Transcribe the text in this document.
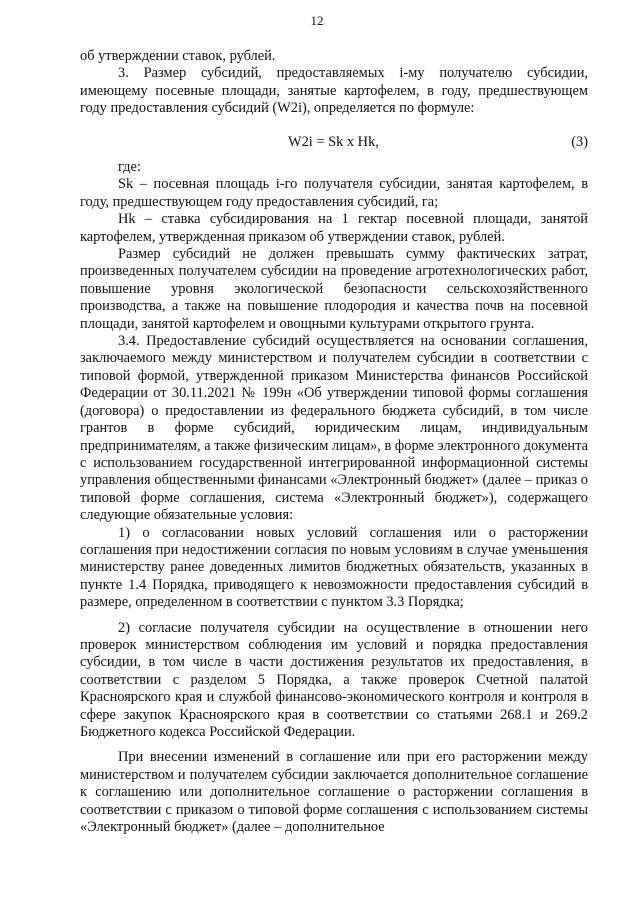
12

об утверждении ставок, рублей.

3. Размер субсидий, предоставляемых i-му получателю субсидии, имеющему посевные площади, занятые картофелем, в году, предшествующем году предоставления субсидий (W2i), определяется по формуле:

W2i = Sk x Hk,	(3)

где:

Sk – посевная площадь i-го получателя субсидии, занятая картофелем, в году, предшествующем году предоставления субсидий, га;

Hk – ставка субсидирования на 1 гектар посевной площади, занятой картофелем, утвержденная приказом об утверждении ставок, рублей.

Размер субсидий не должен превышать сумму фактических затрат, произведенных получателем субсидии на проведение агротехнологических работ, повышение уровня экологической безопасности сельскохозяйственного производства, а также на повышение плодородия и качества почв на посевной площади, занятой картофелем и овощными культурами открытого грунта.

3.4. Предоставление субсидий осуществляется на основании соглашения, заключаемого между министерством и получателем субсидии в соответствии с типовой формой, утвержденной приказом Министерства финансов Российской Федерации от 30.11.2021 № 199н «Об утверждении типовой формы соглашения (договора) о предоставлении из федерального бюджета субсидий, в том числе грантов в форме субсидий, юридическим лицам, индивидуальным предпринимателям, а также физическим лицам», в форме электронного документа с использованием государственной интегрированной информационной системы управления общественными финансами «Электронный бюджет» (далее – приказ о типовой форме соглашения, система «Электронный бюджет»), содержащего следующие обязательные условия:

1) о согласовании новых условий соглашения или о расторжении соглашения при недостижении согласия по новым условиям в случае уменьшения министерству ранее доведенных лимитов бюджетных обязательств, указанных в пункте 1.4 Порядка, приводящего к невозможности предоставления субсидий в размере, определенном в соответствии с пунктом 3.3 Порядка;

2) согласие получателя субсидии на осуществление в отношении него проверок министерством соблюдения им условий и порядка предоставления субсидии, в том числе в части достижения результатов их предоставления, в соответствии с разделом 5 Порядка, а также проверок Счетной палатой Красноярского края и службой финансово-экономического контроля и контроля в сфере закупок Красноярского края в соответствии со статьями 268.1 и 269.2 Бюджетного кодекса Российской Федерации.

При внесении изменений в соглашение или при его расторжении между министерством и получателем субсидии заключается дополнительное соглашение к соглашению или дополнительное соглашение о расторжении соглашения в соответствии с приказом о типовой форме соглашения с использованием системы «Электронный бюджет» (далее – дополнительное
